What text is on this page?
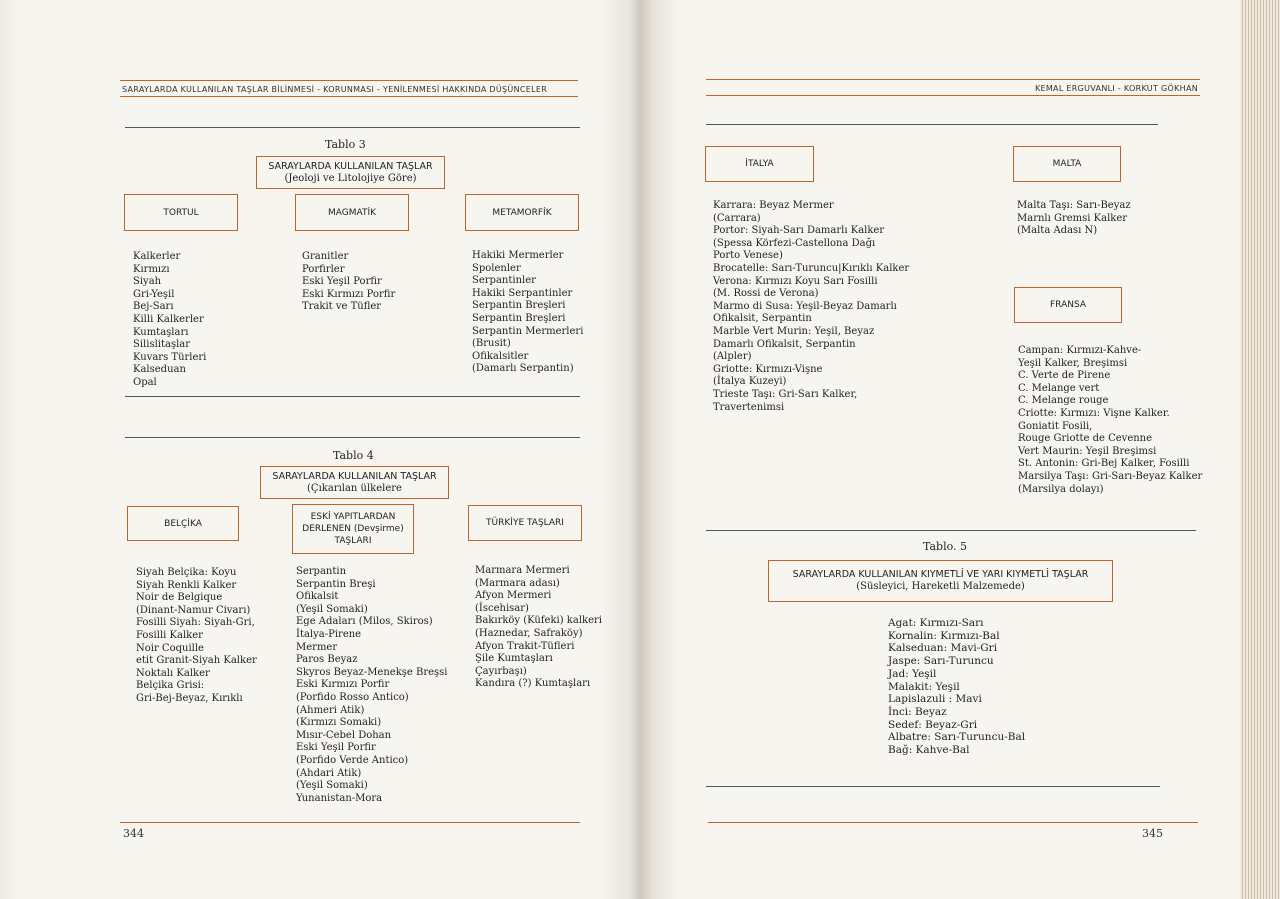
SARAYLARDA KULLANILAN TAŞLAR BİLİNMESİ - KORUNMASI - YENİLENMESİ HAKKINDA DÜŞÜNCELER
Tablo 3
SARAYLARDA KULLANILAN TAŞLAR
(Jeoloji ve Litolojiye Göre)
TORTUL	MAGMATİK	METAMORFİK
Kalkerler
Kırmızı
Siyah
Gri-Yeşil
Bej-Sarı
Killi Kalkerler
Kumtaşları
Silislitaşlar
Kuvars Türleri
Kalseduan
Opal
Granitler
Porfirler
Eski Yeşil Porfir
Eski Kırmızı Porfir
Trakit ve Tüfler
Hakiki Mermerler
Spolenler
Serpantinler
Hakiki Serpantinler
Serpantin Breşleri
Serpantin Breşleri
Serpantin Mermerleri
(Brusit)
Ofikalsitler
(Damarlı Serpantin)
Tablo 4
SARAYLARDA KULLANILAN TAŞLAR
(Çıkarılan ülkelere
BELÇİKA
ESKİ YAPITLARDAN DERLENEN (Devşirme) TAŞLARI
TÜRKİYE TAŞLARI
Siyah Belçika: Koyu
Siyah Renkli Kalker
Noir de Belgique
(Dinant-Namur Civarı)
Fosilli Siyah: Siyah-Gri,
Fosilli Kalker
Noir Coquille
etit Granit-Siyah Kalker
Noktalı Kalker
Belçika Grisi:
Gri-Bej-Beyaz, Kırıklı
Serpantin
Serpantin Breşi
Ofikalsit
(Yeşil Somaki)
Ege Adaları (Milos, Skiros)
İtalya-Pirene
Mermer
Paros Beyaz
Skyros Beyaz-Menekşe Breşsi
Eski Kırmızı Porfir
(Porfido Rosso Antico)
(Ahmeri Atik)
(Kırmızı Somaki)
Mısır-Cebel Dohan
Eski Yeşil Porfir
(Porfido Verde Antico)
(Ahdari Atik)
(Yeşil Somaki)
Yunanistan-Mora
Marmara Mermeri
(Marmara adası)
Afyon Mermeri
(İscehisar)
Bakırköy (Küfeki) kalkeri
(Haznedar, Safraköy)
Afyon Trakit-Tüfleri
Şile Kumtaşları
Çayırbaşı)
Kandıra (?) Kumtaşları
344
KEMAL ERGUVANLI - KORKUT GÖKHAN
İTALYA
Karrara: Beyaz Mermer
(Carrara)
Portor: Siyah-Sarı Damarlı Kalker
(Spessa Körfezi-Castellona Dağı
Porto Venese)
Brocatelle: Sarı-Turuncu|Kırıklı Kalker
Verona: Kırmızı Koyu Sarı Fosilli
(M. Rossi de Verona)
Marmo di Susa: Yeşil-Beyaz Damarlı
Ofikalsit, Serpantin
Marble Vert Murin: Yeşil, Beyaz
Damarlı Ofikalsit, Serpantin
(Alpler)
Griotte: Kırmızı-Vişne
(İtalya Kuzeyi)
Trieste Taşı: Gri-Sarı Kalker,
Travertenimsi
MALTA
Malta Taşı: Sarı-Beyaz
Marnlı Gremsi Kalker
(Malta Adası N)
FRANSA
Campan: Kırmızı-Kahve-
Yeşil Kalker, Breşimsi
C. Verte de Pirene
C. Melange vert
C. Melange rouge
Criotte: Kırmızı: Vişne Kalker.
Goniatit Fosili,
Rouge Griotte de Cevenne
Vert Maurin: Yeşil Breşimsi
St. Antonin: Gri-Bej Kalker, Fosilli
Marsilya Taşı: Gri-Sarı-Beyaz Kalker
(Marsilya dolayı)
Tablo. 5
SARAYLARDA KULLANILAN KIYMETLİ VE YARI KIYMETLİ TAŞLAR
(Süsleyici, Hareketli Malzemede)
Agat: Kırmızı-Sarı
Kornalin: Kırmızı-Bal
Kalseduan: Mavi-Gri
Jaspe: Sarı-Turuncu
Jad: Yeşil
Malakit: Yeşil
Lapislazuli : Mavi
İnci: Beyaz
Sedef: Beyaz-Gri
Albatre: Sarı-Turuncu-Bal
Bağ: Kahve-Bal
345
